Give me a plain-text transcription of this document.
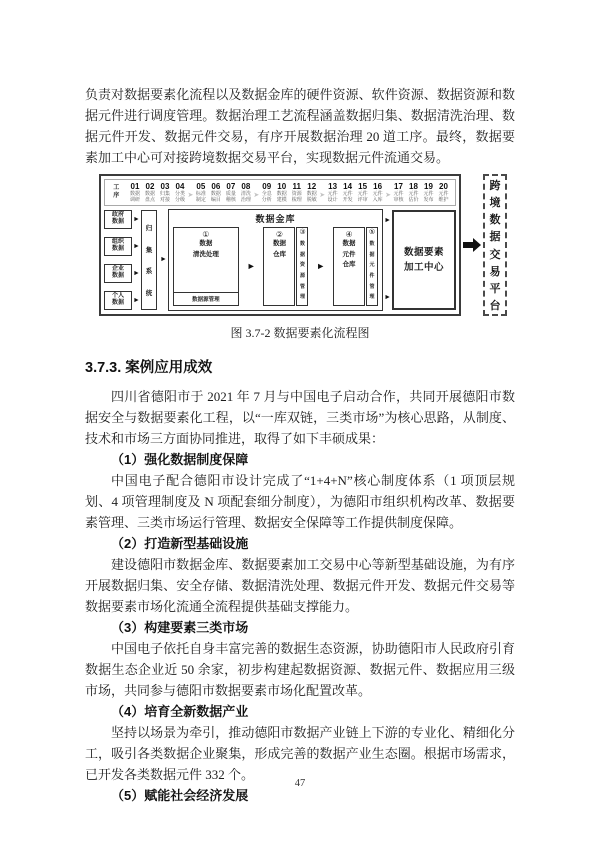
负责对数据要素化流程以及数据金库的硬件资源、软件资源、数据资源和数据元件进行调度管理。数据治理工艺流程涵盖数据归集、数据清洗治理、数据元件开发、数据元件交易，有序开展数据治理 20 道工序。最终，数据要素加工中心可对接跨境数据交易平台，实现数据元件流通交易。

工
序
01
数据
调研
02
数据
盘点
03
归集
对接
04
分类
分级
➤
05
标准
制定
06
数据
编目
07
质量
稽核
08
清洗
治理
➤
09
全息
分析
10
数据
建模
11
资源
梳理
12
数据
脱敏
➤
13
元件
设计
14
元件
开发
15
元件
评审
16
元件
入库
➤
17
元件
审核
18
元件
估价
19
元件
发布
20
元件
维护
政府
数据	►
组织
数据	►
企业
数据	►
个人
数据	►
归
集
系
统
►
数据金库
①
数据
清洗处理
数据源管理
►
②
数据
仓库
③
数
据
资
源
管
理
►
④
数据
元件
仓库
⑤
数
据
元
件
管
理
►
►
数据要素
加工中心
跨
境
数
据
交
易
平
台

图 3.7-2 数据要素化流程图

3.7.3. 案例应用成效

四川省德阳市于 2021 年 7 月与中国电子启动合作，共同开展德阳市数据安全与数据要素化工程，以“一库双链，三类市场”为核心思路，从制度、技术和市场三方面协同推进，取得了如下丰硕成果：

（1）强化数据制度保障

中国电子配合德阳市设计完成了“1+4+N”核心制度体系（1 项顶层规划、4 项管理制度及 N 项配套细分制度），为德阳市组织机构改革、数据要素管理、三类市场运行管理、数据安全保障等工作提供制度保障。

（2）打造新型基础设施

建设德阳市数据金库、数据要素加工交易中心等新型基础设施，为有序开展数据归集、安全存储、数据清洗处理、数据元件开发、数据元件交易等数据要素市场化流通全流程提供基础支撑能力。

（3）构建要素三类市场

中国电子依托自身丰富完善的数据生态资源，协助德阳市人民政府引育数据生态企业近 50 余家，初步构建起数据资源、数据元件、数据应用三级市场，共同参与德阳市数据要素市场化配置改革。

（4）培育全新数据产业

坚持以场景为牵引，推动德阳市数据产业链上下游的专业化、精细化分工，吸引各类数据企业聚集，形成完善的数据产业生态圈。根据市场需求，已开发各类数据元件 332 个。

（5）赋能社会经济发展

47
